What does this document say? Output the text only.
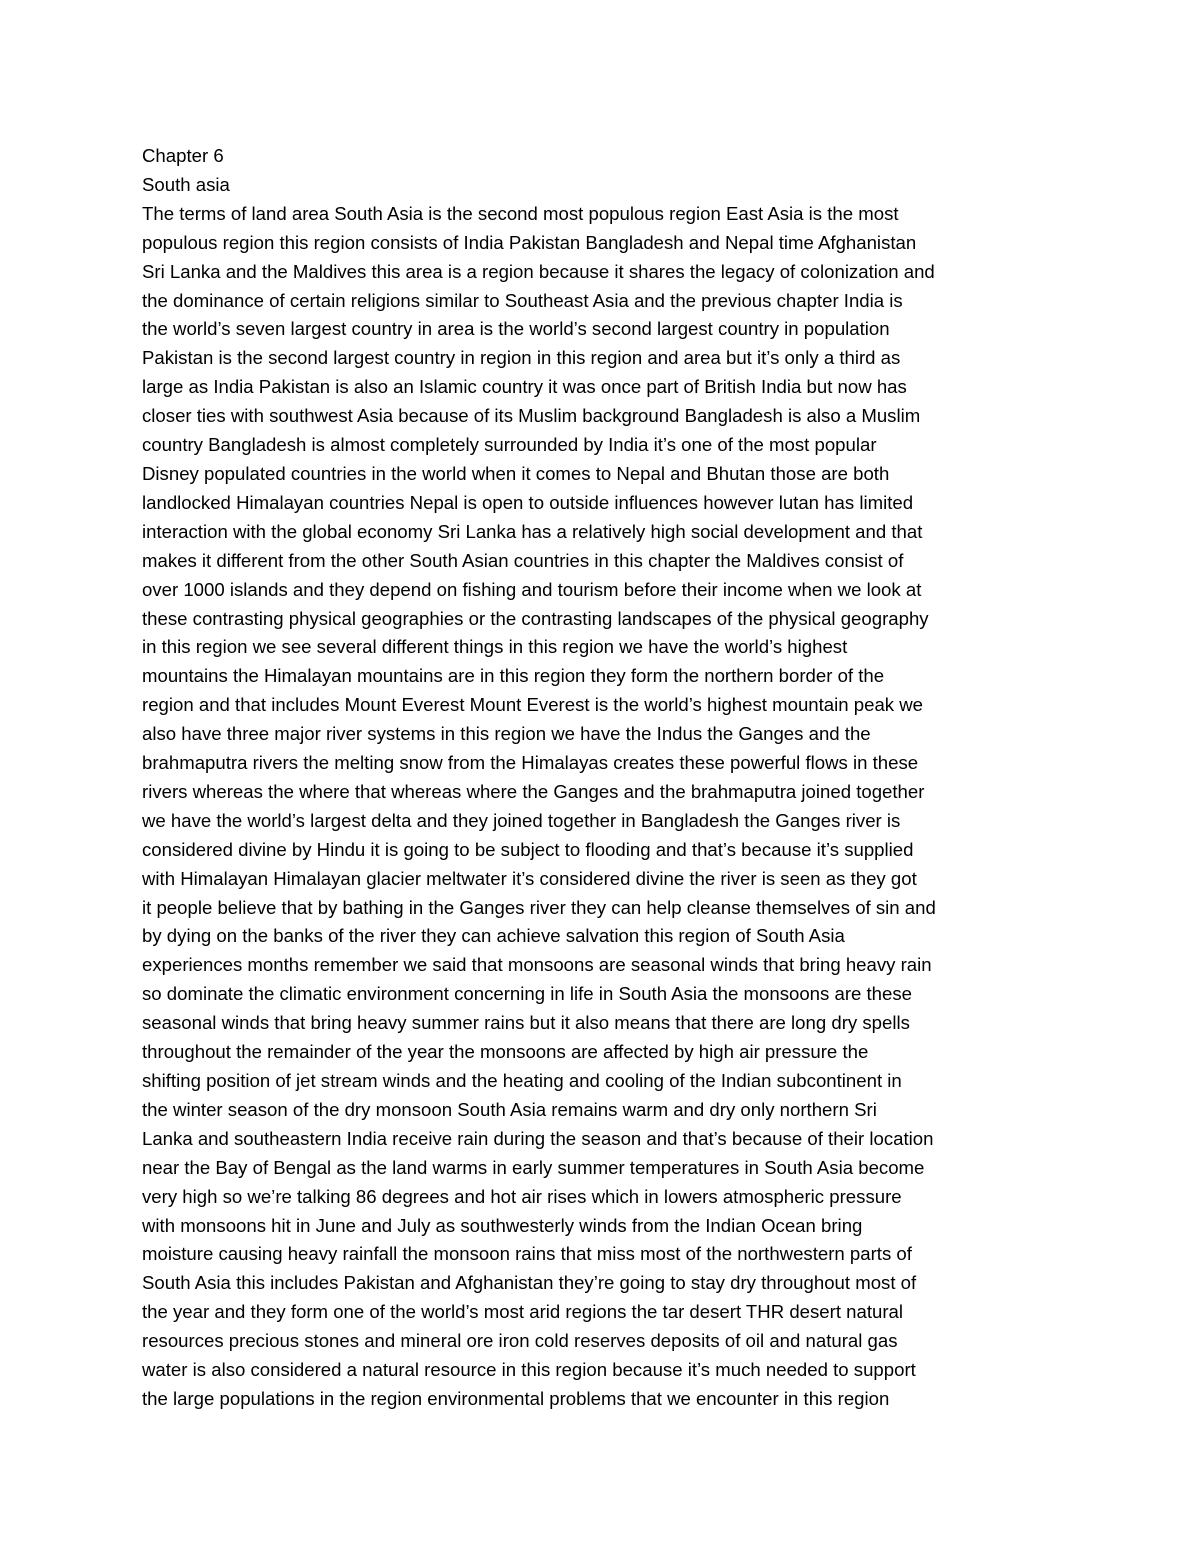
Chapter 6
South asia
The terms of land area South Asia is the second most populous region East Asia is the most
populous region this region consists of India Pakistan Bangladesh and Nepal time Afghanistan
Sri Lanka and the Maldives this area is a region because it shares the legacy of colonization and
the dominance of certain religions similar to Southeast Asia and the previous chapter India is
the world’s seven largest country in area is the world’s second largest country in population
Pakistan is the second largest country in region in this region and area but it’s only a third as
large as India Pakistan is also an Islamic country it was once part of British India but now has
closer ties with southwest Asia because of its Muslim background Bangladesh is also a Muslim
country Bangladesh is almost completely surrounded by India it’s one of the most popular
Disney populated countries in the world when it comes to Nepal and Bhutan those are both
landlocked Himalayan countries Nepal is open to outside influences however lutan has limited
interaction with the global economy Sri Lanka has a relatively high social development and that
makes it different from the other South Asian countries in this chapter the Maldives consist of
over 1000 islands and they depend on fishing and tourism before their income when we look at
these contrasting physical geographies or the contrasting landscapes of the physical geography
in this region we see several different things in this region we have the world’s highest
mountains the Himalayan mountains are in this region they form the northern border of the
region and that includes Mount Everest Mount Everest is the world’s highest mountain peak we
also have three major river systems in this region we have the Indus the Ganges and the
brahmaputra rivers the melting snow from the Himalayas creates these powerful flows in these
rivers whereas the where that whereas where the Ganges and the brahmaputra joined together
we have the world’s largest delta and they joined together in Bangladesh the Ganges river is
considered divine by Hindu it is going to be subject to flooding and that’s because it’s supplied
with Himalayan Himalayan glacier meltwater it’s considered divine the river is seen as they got
it people believe that by bathing in the Ganges river they can help cleanse themselves of sin and
by dying on the banks of the river they can achieve salvation this region of South Asia
experiences months remember we said that monsoons are seasonal winds that bring heavy rain
so dominate the climatic environment concerning in life in South Asia the monsoons are these
seasonal winds that bring heavy summer rains but it also means that there are long dry spells
throughout the remainder of the year the monsoons are affected by high air pressure the
shifting position of jet stream winds and the heating and cooling of the Indian subcontinent in
the winter season of the dry monsoon South Asia remains warm and dry only northern Sri
Lanka and southeastern India receive rain during the season and that’s because of their location
near the Bay of Bengal as the land warms in early summer temperatures in South Asia become
very high so we’re talking 86 degrees and hot air rises which in lowers atmospheric pressure
with monsoons hit in June and July as southwesterly winds from the Indian Ocean bring
moisture causing heavy rainfall the monsoon rains that miss most of the northwestern parts of
South Asia this includes Pakistan and Afghanistan they’re going to stay dry throughout most of
the year and they form one of the world’s most arid regions the tar desert THR desert natural
resources precious stones and mineral ore iron cold reserves deposits of oil and natural gas
water is also considered a natural resource in this region because it’s much needed to support
the large populations in the region environmental problems that we encounter in this region
